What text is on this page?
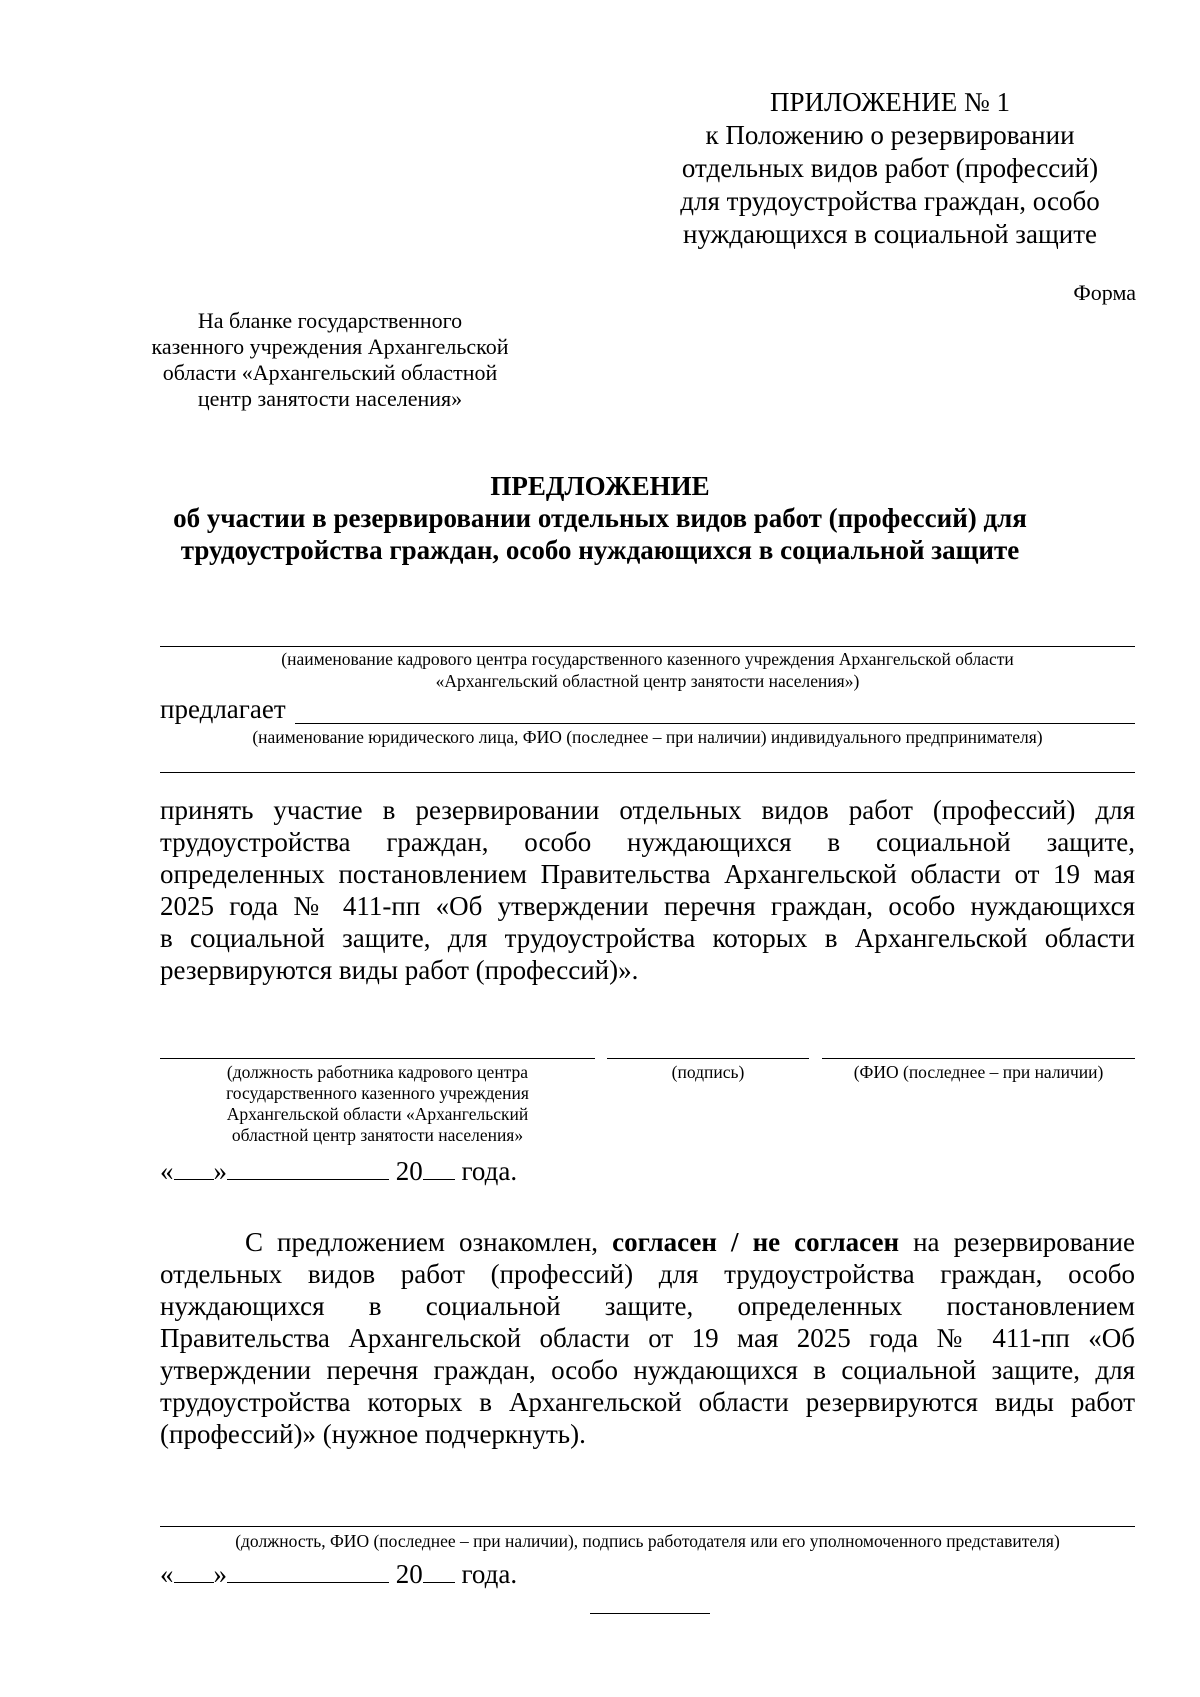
ПРИЛОЖЕНИЕ № 1
к Положению о резервировании
отдельных видов работ (профессий)
для трудоустройства граждан, особо
нуждающихся в социальной защите
Форма
На бланке государственного
казенного учреждения Архангельской
области «Архангельский областной
центр занятости населения»
ПРЕДЛОЖЕНИЕ
об участии в резервировании отдельных видов работ (профессий) для
трудоустройства граждан, особо нуждающихся в социальной защите
(наименование кадрового центра государственного казенного учреждения Архангельской области
«Архангельский областной центр занятости населения»)
предлагает
(наименование юридического лица, ФИО (последнее – при наличии) индивидуального предпринимателя)
принять участие в резервировании отдельных видов работ (профессий) для
трудоустройства граждан, особо нуждающихся в социальной защите,
определенных постановлением Правительства Архангельской области от 19 мая
2025 года № 411-пп «Об утверждении перечня граждан, особо нуждающихся
в социальной защите, для трудоустройства которых в Архангельской области
резервируются виды работ (профессий)».
(должность работника кадрового центра
государственного казенного учреждения
Архангельской области «Архангельский
областной центр занятости населения»
(подпись)	(ФИО (последнее – при наличии)
« »	20 года.
С предложением ознакомлен, согласен / не согласен на резервирование
отдельных видов работ (профессий) для трудоустройства граждан, особо
нуждающихся в социальной защите, определенных постановлением
Правительства Архангельской области от 19 мая 2025 года № 411-пп «Об
утверждении перечня граждан, особо нуждающихся в социальной защите, для
трудоустройства которых в Архангельской области резервируются виды работ
(профессий)» (нужное подчеркнуть).
(должность, ФИО (последнее – при наличии), подпись работодателя или его уполномоченного представителя)
« »	20 года.
